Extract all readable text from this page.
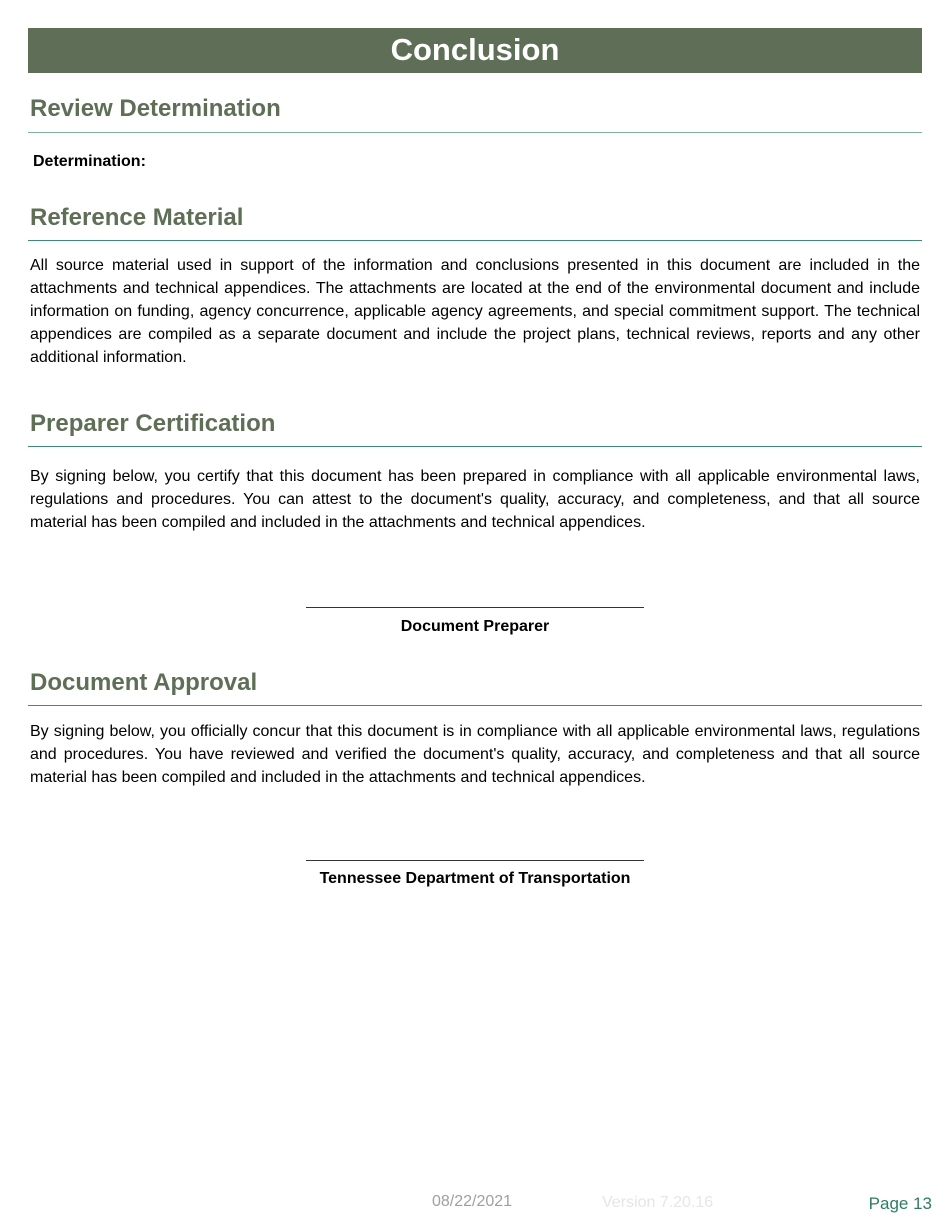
Conclusion
Review Determination
Determination:
Reference Material

All source material used in support of the information and conclusions presented in this document are included in the attachments and technical appendices. The attachments are located at the end of the environmental document and include information on funding, agency concurrence, applicable agency agreements, and special commitment support. The technical appendices are compiled as a separate document and include the project plans, technical reviews, reports and any other additional information.

Preparer Certification

By signing below, you certify that this document has been prepared in compliance with all applicable environmental laws, regulations and procedures. You can attest to the document's quality, accuracy, and completeness, and that all source material has been compiled and included in the attachments and technical appendices.

Document Preparer
Document Approval

By signing below, you officially concur that this document is in compliance with all applicable environmental laws, regulations and procedures. You have reviewed and verified the document's quality, accuracy, and completeness and that all source material has been compiled and included in the attachments and technical appendices.

Tennessee Department of Transportation
08/22/2021	Version 7.20.16	Page 13
